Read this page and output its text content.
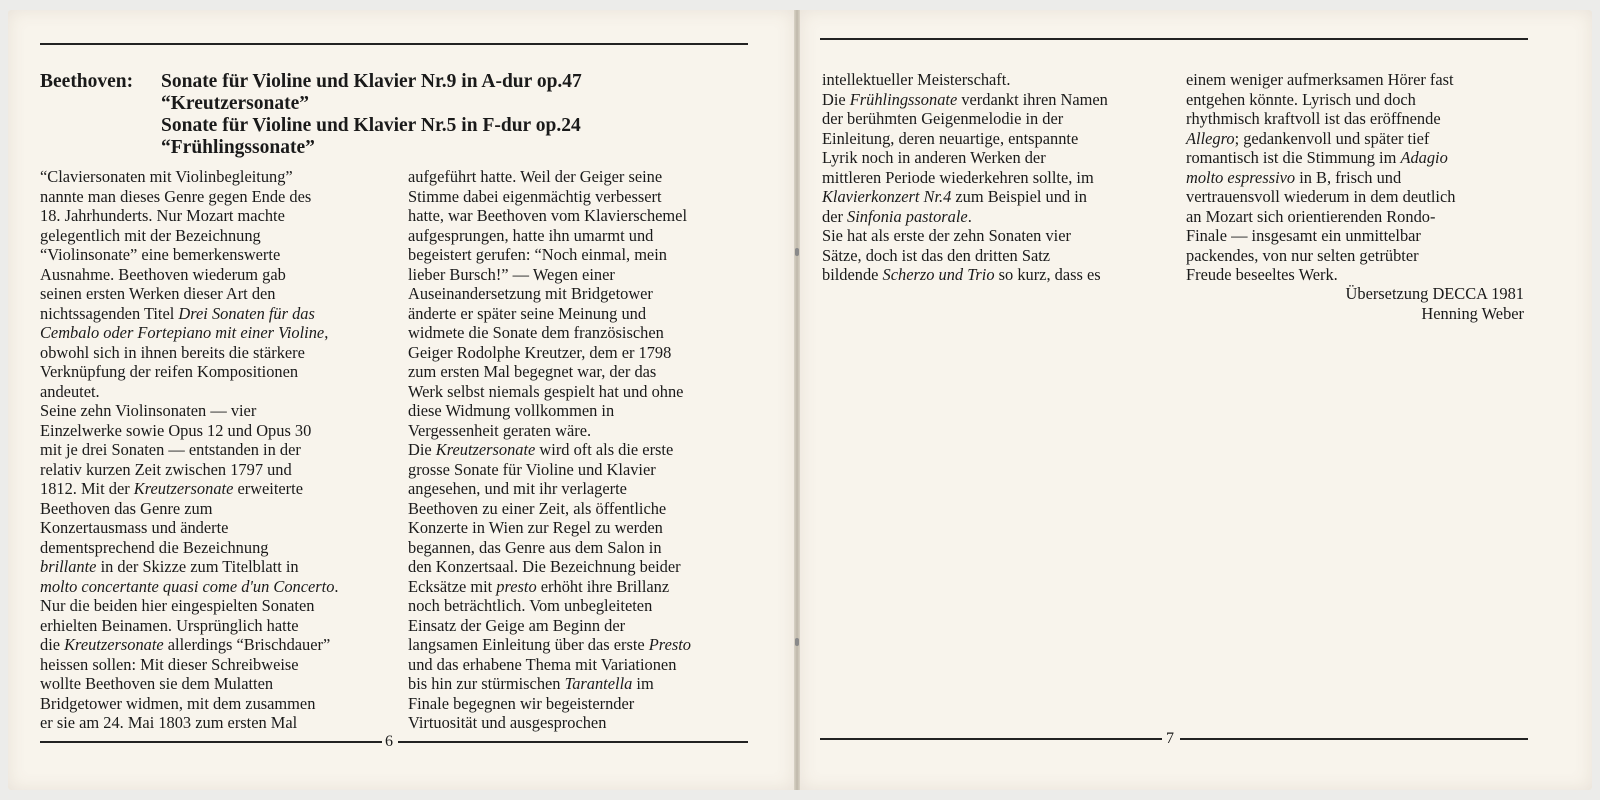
Beethoven: Sonate für Violine und Klavier Nr.9 in A-dur op.47
“Kreutzersonate”
Sonate für Violine und Klavier Nr.5 in F-dur op.24
“Frühlingssonate”
“Claviersonaten mit Violinbegleitung”
nannte man dieses Genre gegen Ende des
18. Jahrhunderts. Nur Mozart machte
gelegentlich mit der Bezeichnung
“Violinsonate” eine bemerkenswerte
Ausnahme. Beethoven wiederum gab
seinen ersten Werken dieser Art den
nichtssagenden Titel Drei Sonaten für das
Cembalo oder Fortepiano mit einer Violine,
obwohl sich in ihnen bereits die stärkere
Verknüpfung der reifen Kompositionen
andeutet.
Seine zehn Violinsonaten — vier
Einzelwerke sowie Opus 12 und Opus 30
mit je drei Sonaten — entstanden in der
relativ kurzen Zeit zwischen 1797 und
1812. Mit der Kreutzersonate erweiterte
Beethoven das Genre zum
Konzertausmass und änderte
dementsprechend die Bezeichnung
brillante in der Skizze zum Titelblatt in
molto concertante quasi come d'un Concerto.
Nur die beiden hier eingespielten Sonaten
erhielten Beinamen. Ursprünglich hatte
die Kreutzersonate allerdings “Brischdauer”
heissen sollen: Mit dieser Schreibweise
wollte Beethoven sie dem Mulatten
Bridgetower widmen, mit dem zusammen
er sie am 24. Mai 1803 zum ersten Mal
aufgeführt hatte. Weil der Geiger seine
Stimme dabei eigenmächtig verbessert
hatte, war Beethoven vom Klavierschemel
aufgesprungen, hatte ihn umarmt und
begeistert gerufen: “Noch einmal, mein
lieber Bursch!” — Wegen einer
Auseinandersetzung mit Bridgetower
änderte er später seine Meinung und
widmete die Sonate dem französischen
Geiger Rodolphe Kreutzer, dem er 1798
zum ersten Mal begegnet war, der das
Werk selbst niemals gespielt hat und ohne
diese Widmung vollkommen in
Vergessenheit geraten wäre.
Die Kreutzersonate wird oft als die erste
grosse Sonate für Violine und Klavier
angesehen, und mit ihr verlagerte
Beethoven zu einer Zeit, als öffentliche
Konzerte in Wien zur Regel zu werden
begannen, das Genre aus dem Salon in
den Konzertsaal. Die Bezeichnung beider
Ecksätze mit presto erhöht ihre Brillanz
noch beträchtlich. Vom unbegleiteten
Einsatz der Geige am Beginn der
langsamen Einleitung über das erste Presto
und das erhabene Thema mit Variationen
bis hin zur stürmischen Tarantella im
Finale begegnen wir begeisternder
Virtuosität und ausgesprochen
6
intellektueller Meisterschaft.
Die Frühlingssonate verdankt ihren Namen
der berühmten Geigenmelodie in der
Einleitung, deren neuartige, entspannte
Lyrik noch in anderen Werken der
mittleren Periode wiederkehren sollte, im
Klavierkonzert Nr.4 zum Beispiel und in
der Sinfonia pastorale.
Sie hat als erste der zehn Sonaten vier
Sätze, doch ist das den dritten Satz
bildende Scherzo und Trio so kurz, dass es
einem weniger aufmerksamen Hörer fast
entgehen könnte. Lyrisch und doch
rhythmisch kraftvoll ist das eröffnende
Allegro; gedankenvoll und später tief
romantisch ist die Stimmung im Adagio
molto espressivo in B, frisch und
vertrauensvoll wiederum in dem deutlich
an Mozart sich orientierenden Rondo-
Finale — insgesamt ein unmittelbar
packendes, von nur selten getrübter
Freude beseeltes Werk.
Übersetzung DECCA 1981
Henning Weber
7
